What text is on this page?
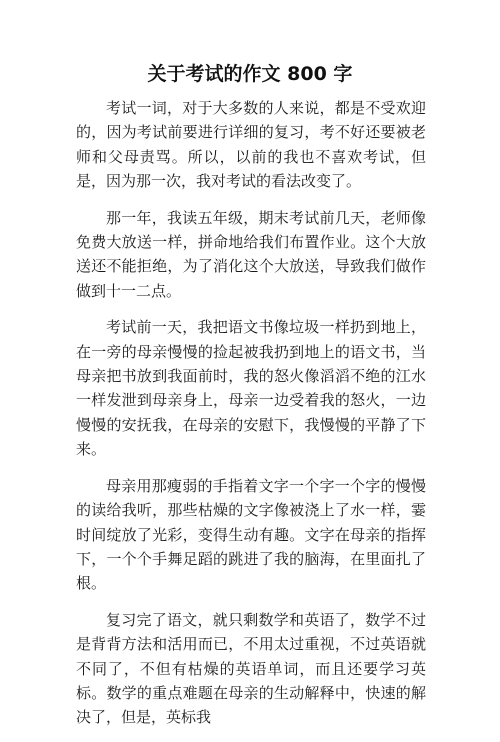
关于考试的作文 800 字

考试一词，对于大多数的人来说，都是不受欢迎的，因为考试前要进行详细的复习，考不好还要被老师和父母责骂。所以，以前的我也不喜欢考试，但是，因为那一次，我对考试的看法改变了。

那一年，我读五年级，期末考试前几天，老师像免费大放送一样，拼命地给我们布置作业。这个大放送还不能拒绝，为了消化这个大放送，导致我们做作做到十一二点。

考试前一天，我把语文书像垃圾一样扔到地上，在一旁的母亲慢慢的捡起被我扔到地上的语文书，当母亲把书放到我面前时，我的怒火像滔滔不绝的江水一样发泄到母亲身上，母亲一边受着我的怒火，一边慢慢的安抚我，在母亲的安慰下，我慢慢的平静了下来。

母亲用那瘦弱的手指着文字一个字一个字的慢慢的读给我听，那些枯燥的文字像被浇上了水一样，霎时间绽放了光彩，变得生动有趣。文字在母亲的指挥下，一个个手舞足蹈的跳进了我的脑海，在里面扎了根。

复习完了语文，就只剩数学和英语了，数学不过是背背方法和活用而已，不用太过重视，不过英语就不同了，不但有枯燥的英语单词，而且还要学习英标。数学的重点难题在母亲的生动解释中，快速的解决了，但是，英标我
